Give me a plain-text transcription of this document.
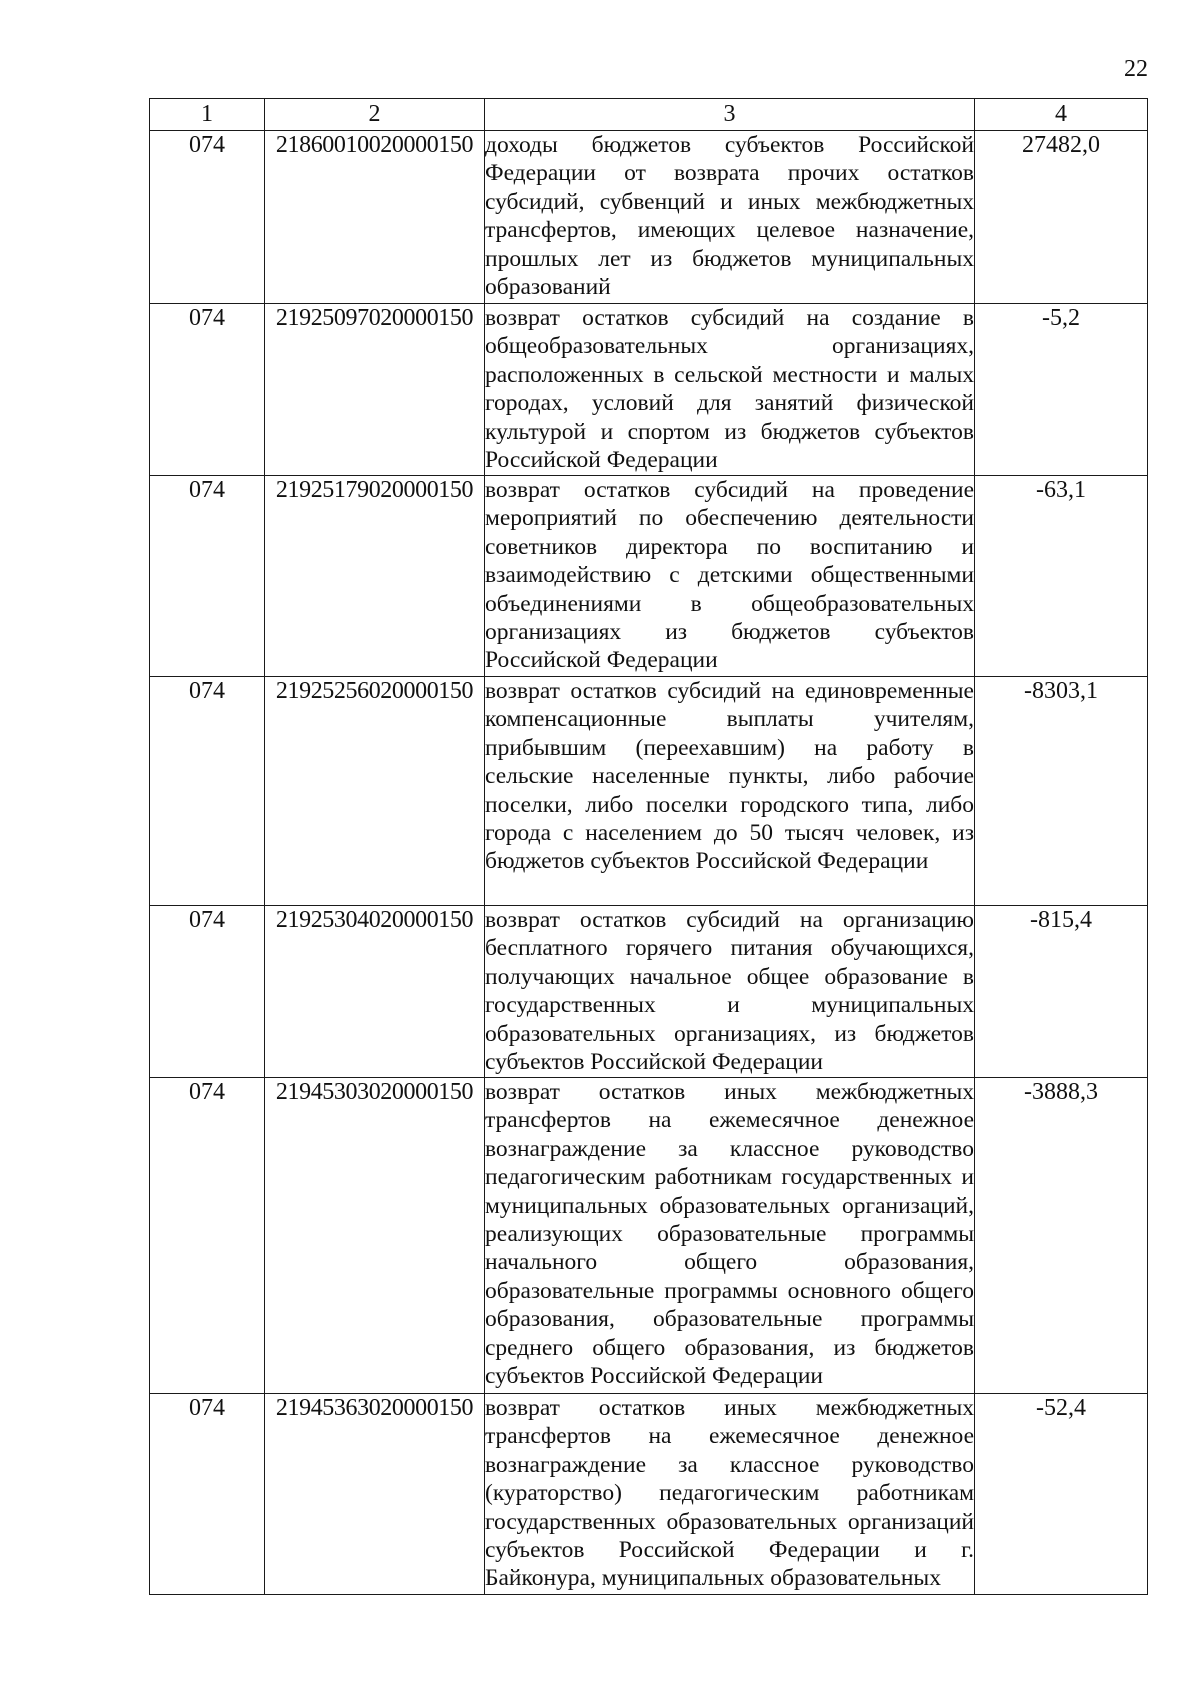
22
1	2	3	4
074	21860010020000150	доходы бюджетов субъектов Российской Федерации от возврата прочих остатков субсидий, субвенций и иных межбюджетных трансфертов, имеющих целевое назначение, прошлых лет из бюджетов муниципальных образований	27482,0
074	21925097020000150	возврат остатков субсидий на создание в общеобразовательных организациях, расположенных в сельской местности и малых городах, условий для занятий физической культурой и спортом из бюджетов субъектов Российской Федерации	-5,2
074	21925179020000150	возврат остатков субсидий на проведение мероприятий по обеспечению деятельности советников директора по воспитанию и взаимодействию с детскими общественными объединениями в общеобразовательных организациях из бюджетов субъектов Российской Федерации	-63,1
074	21925256020000150	возврат остатков субсидий на единовременные компенсационные выплаты учителям, прибывшим (переехавшим) на работу в сельские населенные пункты, либо рабочие поселки, либо поселки городского типа, либо города с населением до 50 тысяч человек, из бюджетов субъектов Российской Федерации	-8303,1
074	21925304020000150	возврат остатков субсидий на организацию бесплатного горячего питания обучающихся, получающих начальное общее образование в государственных и муниципальных образовательных организациях, из бюджетов субъектов Российской Федерации	-815,4
074	21945303020000150	возврат остатков иных межбюджетных трансфертов на ежемесячное денежное вознаграждение за классное руководство педагогическим работникам государственных и муниципальных образовательных организаций, реализующих образовательные программы начального общего образования, образовательные программы основного общего образования, образовательные программы среднего общего образования, из бюджетов субъектов Российской Федерации	-3888,3
074	21945363020000150	возврат остатков иных межбюджетных трансфертов на ежемесячное денежное вознаграждение за классное руководство (кураторство) педагогическим работникам государственных образовательных организаций субъектов Российской Федерации и г. Байконура, муниципальных образовательных	-52,4
